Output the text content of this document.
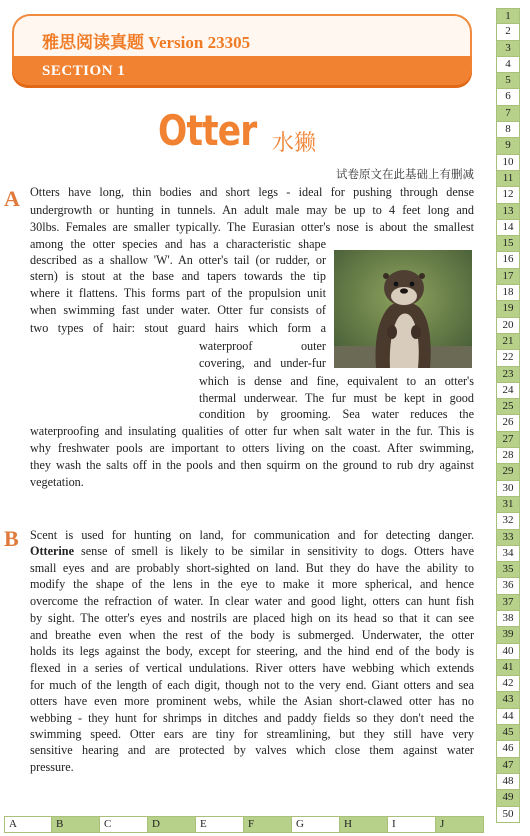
雅思阅读真题 Version 23305
SECTION 1
Otter 水獭
试卷原文在此基础上有删减
A Otters have long, thin bodies and short legs - ideal for pushing through dense
undergrowth or hunting in tunnels. An adult male may be up to 4 feet long and
30lbs. Females are smaller typically. The Eurasian otter's nose is about the smallest
among the otter species and has a characteristic shape
described as a shallow 'W'. An otter's tail (or rudder, or
stern) is stout at the base and tapers towards the tip
where it flattens. This forms part of the propulsion unit
when swimming fast under water. Otter fur consists of
two types of hair: stout guard hairs which form a
waterproof outer
covering, and under-fur
which is dense and fine, equivalent to an otter's
thermal underwear. The fur must be kept in good
condition by grooming. Sea water reduces the
waterproofing and insulating qualities of otter fur when salt water in the fur. This is
why freshwater pools are important to otters living on the coast. After swimming,
they wash the salts off in the pools and then squirm on the ground to rub dry against
vegetation.
B Scent is used for hunting on land, for communication and for detecting danger.
Otterine sense of smell is likely to be similar in sensitivity to dogs. Otters have
small eyes and are probably short-sighted on land. But they do have the ability to
modify the shape of the lens in the eye to make it more spherical, and hence
overcome the refraction of water. In clear water and good light, otters can hunt fish
by sight. The otter's eyes and nostrils are placed high on its head so that it can see
and breathe even when the rest of the body is submerged. Underwater, the otter
holds its legs against the body, except for steering, and the hind end of the body is
flexed in a series of vertical undulations. River otters have webbing which extends
for much of the length of each digit, though not to the very end. Giant otters and sea
otters have even more prominent webs, while the Asian short-clawed otter has no
webbing - they hunt for shrimps in ditches and paddy fields so they don't need the
swimming speed. Otter ears are tiny for streamlining, but they still have very
sensitive hearing and are protected by valves which close them against water
pressure.
1
2
3
4
5
6
7
8
9
10
11
12
13
14
15
16
17
18
19
20
21
22
23
24
25
26
27
28
29
30
31
32
33
34
35
36
37
38
39
40
41
42
43
44
45
46
47
48
49
50
A	B	C	D	E	F	G	H	I	J
